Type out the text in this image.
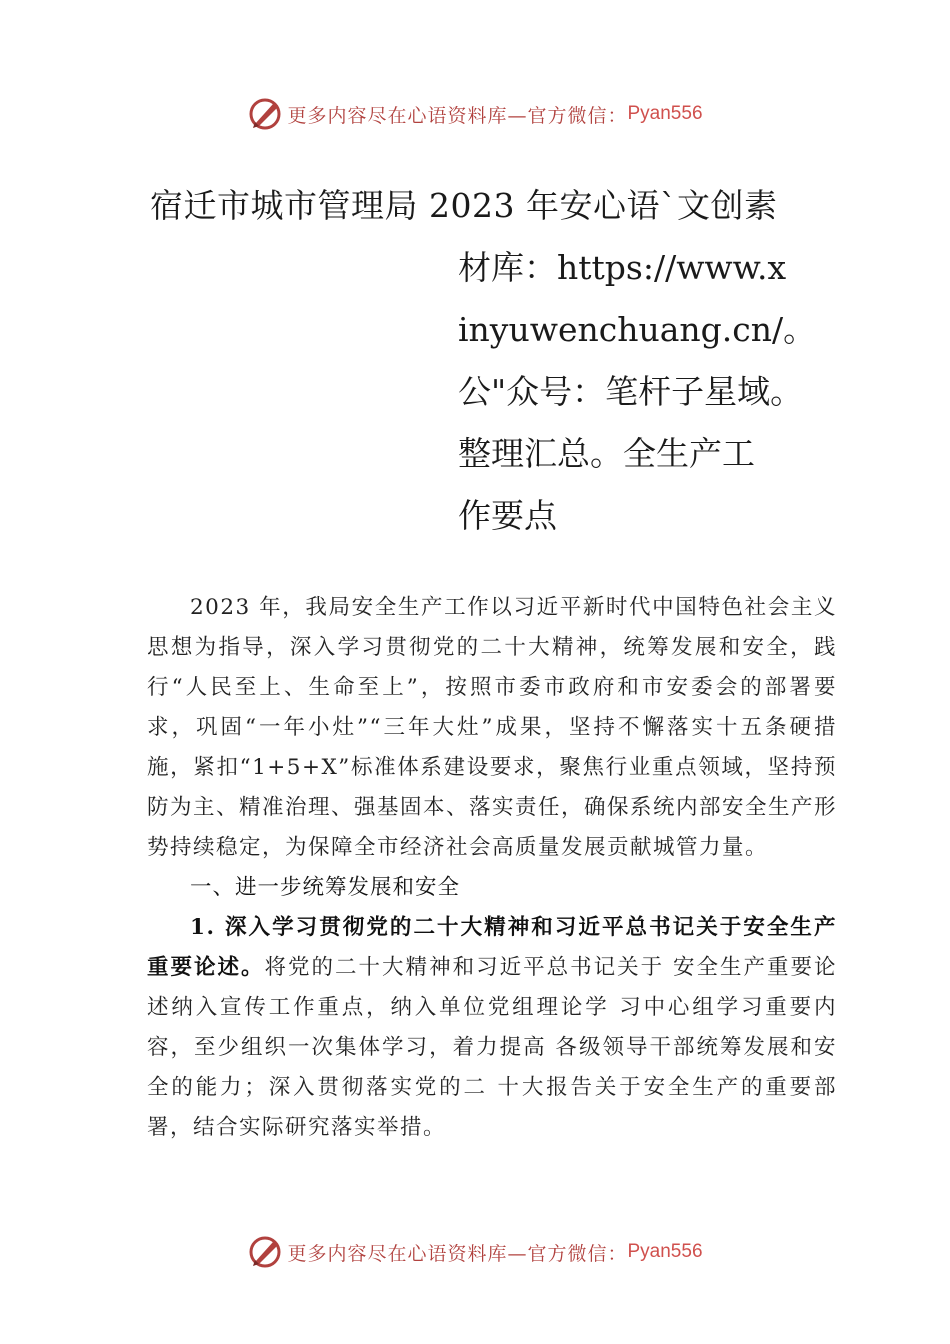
更多内容尽在心语资料库—官方微信： Pyan556
宿迁市城市管理局 2023 年安心语`文创素
材库：https://www.x
inyuwenchuang.cn/。
公"众号：笔杆子星域。
整理汇总。全生产工
作要点

2023 年，我局安全生产工作以习近平新时代中国特色社会主义思想为指导，深入学习贯彻党的二十大精神，统筹发展和安全，践行“人民至上、生命至上”，按照市委市政府和市安委会的部署要求，巩固“一年小灶”“三年大灶”成果，坚持不懈落实十五条硬措施，紧扣“1+5+X”标准体系建设要求，聚焦行业重点领域，坚持预防为主、精准治理、强基固本、落实责任，确保系统内部安全生产形势持续稳定，为保障全市经济社会高质量发展贡献城管力量。

一、进一步统筹发展和安全

1. 深入学习贯彻党的二十大精神和习近平总书记关于安全生产重要论述。将党的二十大精神和习近平总书记关于 安全生产重要论述纳入宣传工作重点，纳入单位党组理论学 习中心组学习重要内容，至少组织一次集体学习，着力提高 各级领导干部统筹发展和安全的能力；深入贯彻落实党的二 十大报告关于安全生产的重要部署，结合实际研究落实举措。

更多内容尽在心语资料库—官方微信： Pyan556
